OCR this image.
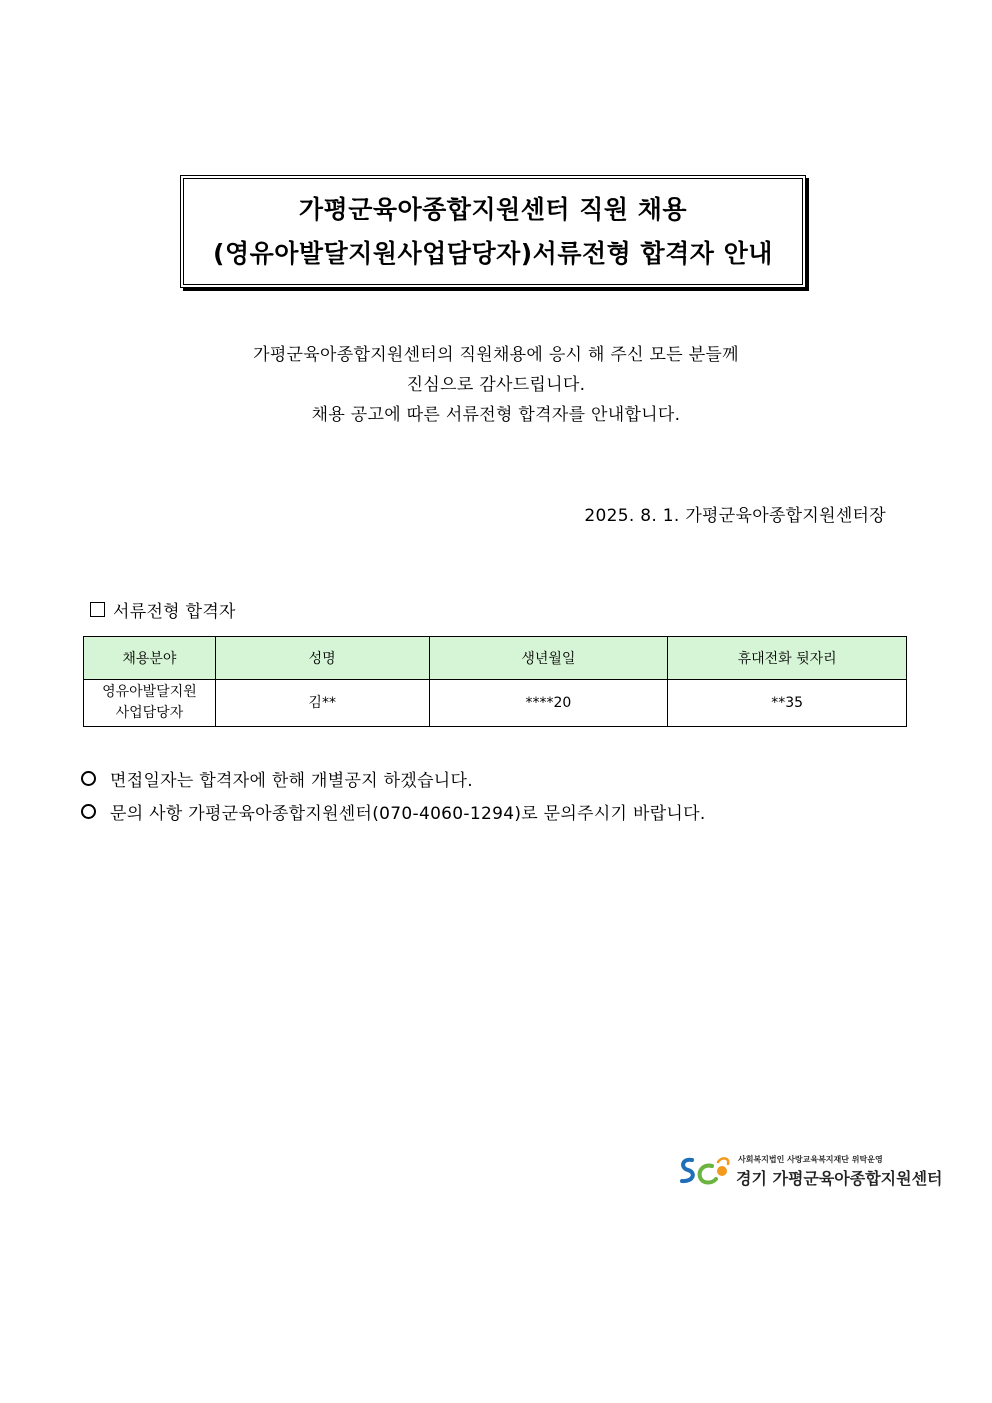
가평군육아종합지원센터 직원 채용
(영유아발달지원사업담당자)서류전형 합격자 안내
가평군육아종합지원센터의 직원채용에 응시 해 주신 모든 분들께
진심으로 감사드립니다.
채용 공고에 따른 서류전형 합격자를 안내합니다.
2025. 8. 1. 가평군육아종합지원센터장
서류전형 합격자
채용분야	성명	생년월일	휴대전화 뒷자리

영유아발달지원
사업담당자	김**	****20	**35
면접일자는 합격자에 한해 개별공지 하겠습니다.
문의 사항 가평군육아종합지원센터(070-4060-1294)로 문의주시기 바랍니다.
사회복지법인 사랑교육복지재단 위탁운영
경기 가평군육아종합지원센터
